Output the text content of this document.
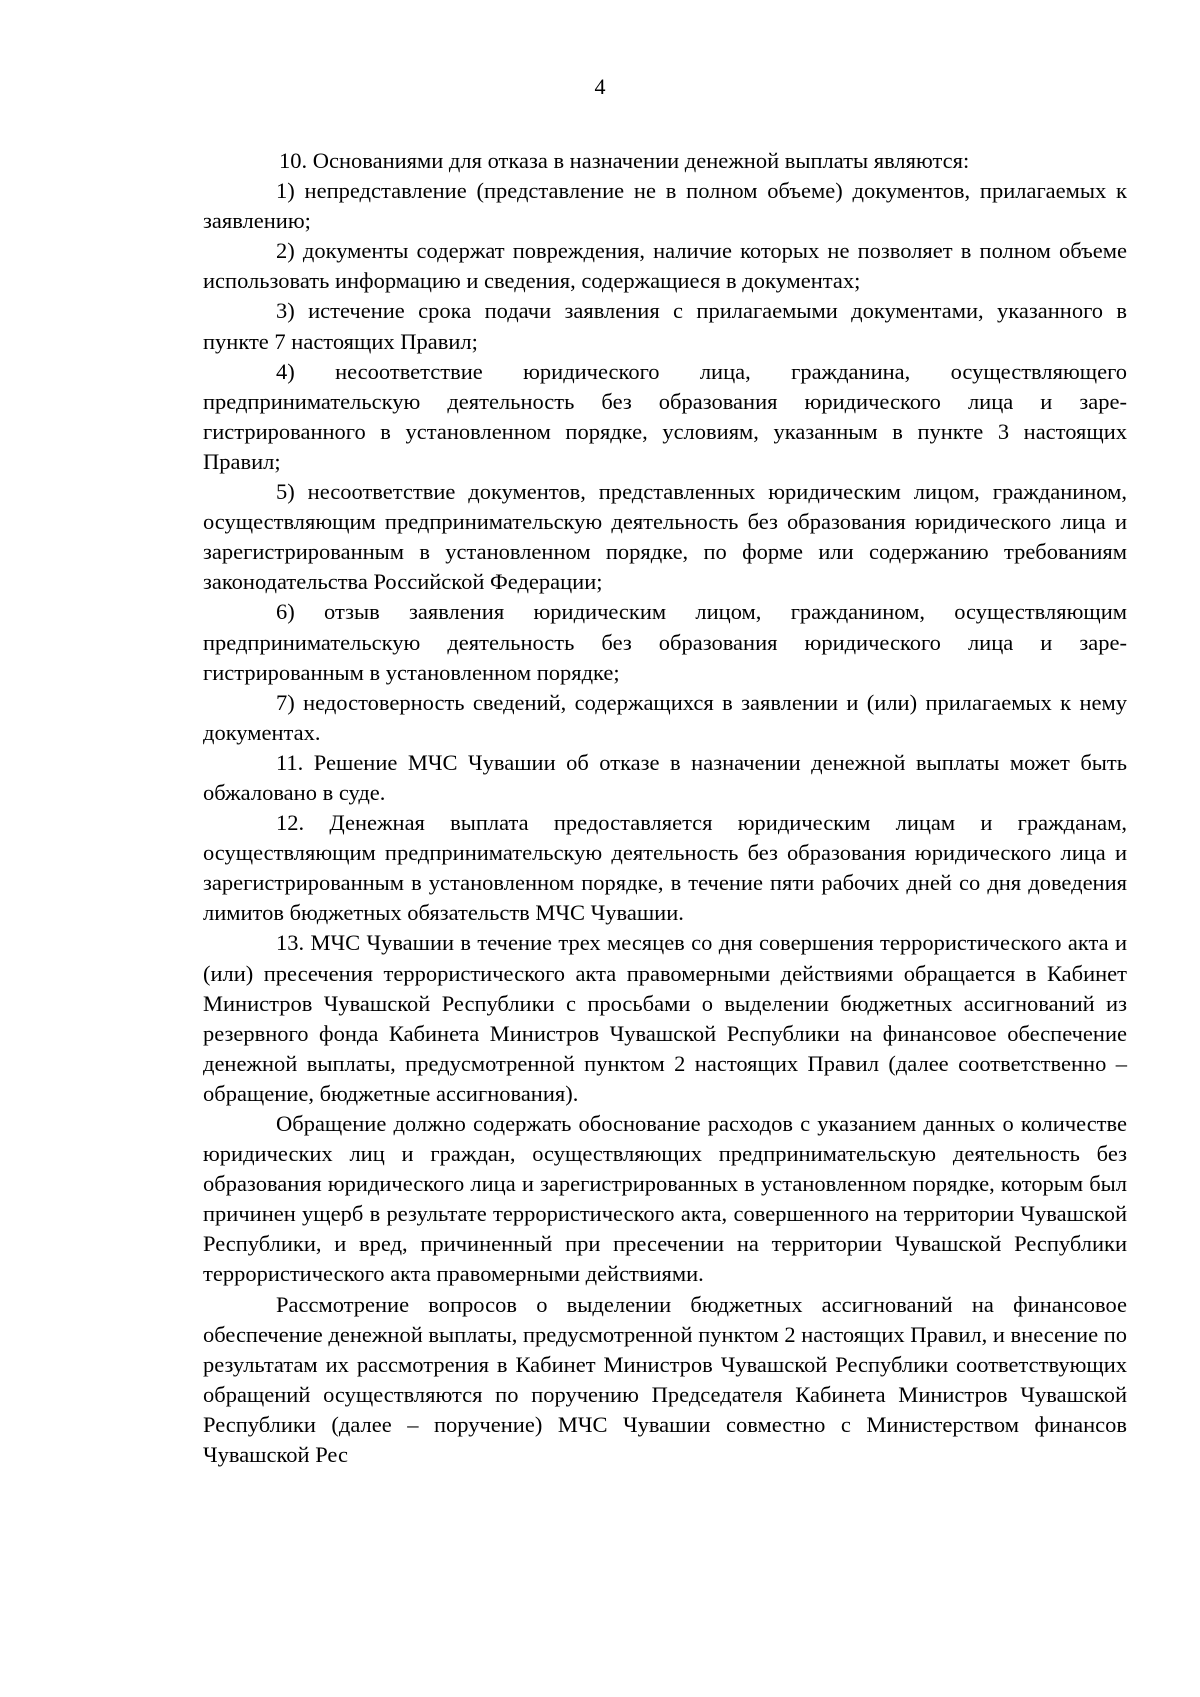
4

10. Основаниями для отказа в назначении денежной выплаты являются:

1) непредставление (представление не в полном объеме) документов, прилагаемых к заявлению;

2) документы содержат повреждения, наличие которых не позволяет в полном объеме использовать информацию и сведения, содержащиеся в документах;

3) истечение срока подачи заявления с прилагаемыми документами, указанного в пункте 7 настоящих Правил;

4) несоответствие юридического лица, гражданина, осуществляющего предпринимательскую деятельность без образования юридического лица и зарегистрированного в установленном порядке, условиям, указанным в пункте 3 настоящих Правил;

5) несоответствие документов, представленных юридическим лицом, гражданином, осуществляющим предпринимательскую деятельность без образования юридического лица и зарегистрированным в установленном порядке, по форме или содержанию требованиям законодательства Российской Федерации;

6) отзыв заявления юридическим лицом, гражданином, осуществляющим предпринимательскую деятельность без образования юридического лица и зарегистрированным в установленном порядке;

7) недостоверность сведений, содержащихся в заявлении и (или) прилагаемых к нему документах.

11. Решение МЧС Чувашии об отказе в назначении денежной выплаты может быть обжаловано в суде.

12. Денежная выплата предоставляется юридическим лицам и гражданам, осуществляющим предпринимательскую деятельность без образования юридического лица и зарегистрированным в установленном порядке, в течение пяти рабочих дней со дня доведения лимитов бюджетных обязательств МЧС Чувашии.

13. МЧС Чувашии в течение трех месяцев со дня совершения террористического акта и (или) пресечения террористического акта правомерными действиями обращается в Кабинет Министров Чувашской Республики с просьбами о выделении бюджетных ассигнований из резервного фонда Кабинета Министров Чувашской Республики на финансовое обеспечение денежной выплаты, предусмотренной пунктом 2 настоящих Правил (далее соответственно – обращение, бюджетные ассигнования).

Обращение должно содержать обоснование расходов с указанием данных о количестве юридических лиц и граждан, осуществляющих предпринимательскую деятельность без образования юридического лица и зарегистрированных в установленном порядке, которым был причинен ущерб в результате террористического акта, совершенного на территории Чувашской Республики, и вред, причиненный при пресечении на территории Чувашской Республики террористического акта правомерными действиями.

Рассмотрение вопросов о выделении бюджетных ассигнований на финансовое обеспечение денежной выплаты, предусмотренной пунктом 2 настоящих Правил, и внесение по результатам их рассмотрения в Кабинет Министров Чувашской Республики соответствующих обращений осуществляются по поручению Председателя Кабинета Министров Чувашской Республики (далее – поручение) МЧС Чувашии совместно с Министерством финансов Чувашской Рес
